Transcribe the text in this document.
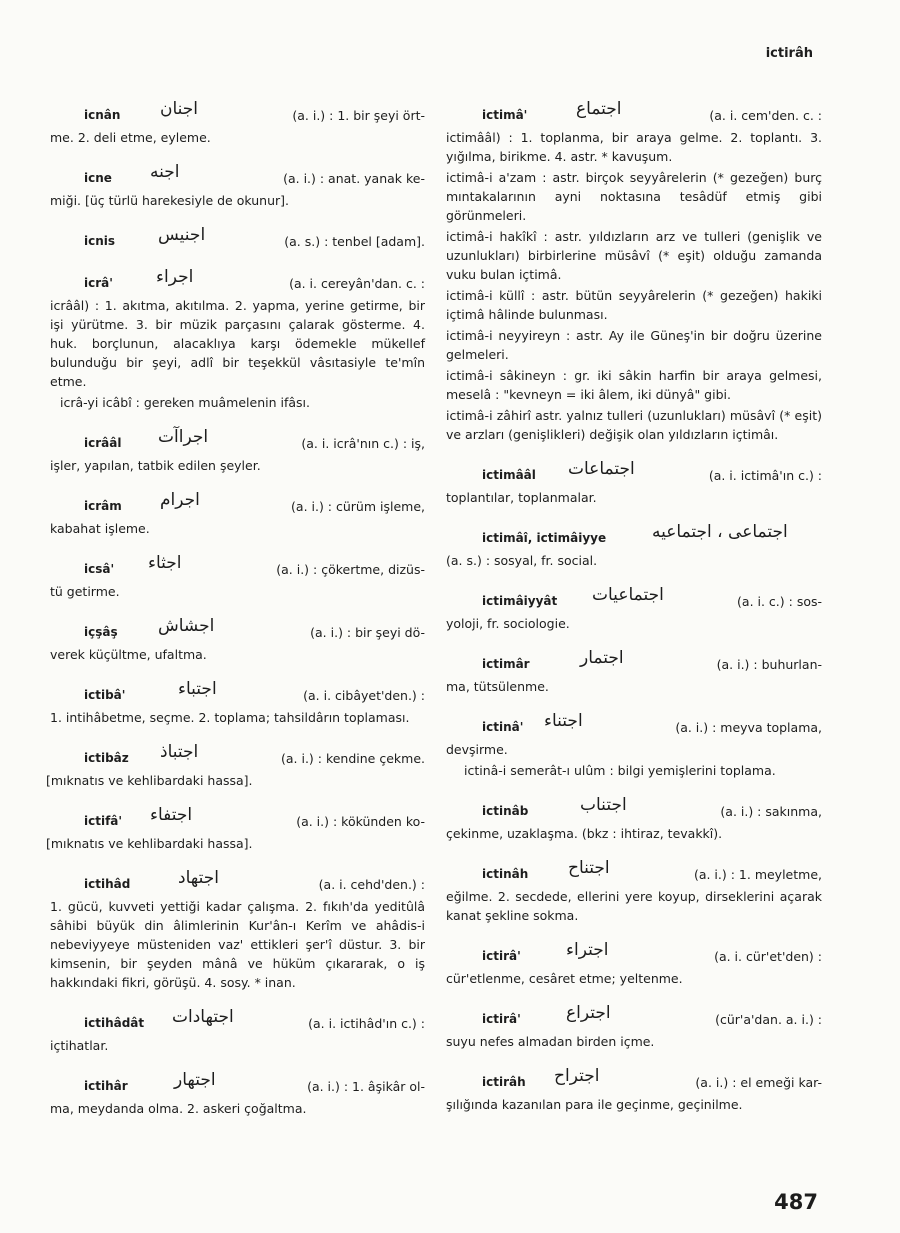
ictirâh
icnân اجنان	(a. i.) : 1. bir şeyi ört-
me. 2. deli etme, eyleme.
icne اجنه	(a. i.) : anat. yanak ke-
miği. [üç türlü harekesiyle de okunur].
icnis	اجنيس	(a. s.) : tenbel [adam].
icrâ'	اجراء	(a. i. cereyân'dan. c. :
icrââl) : 1. akıtma, akıtılma. 2. yapma, yerine getirme, bir işi yürütme. 3. bir müzik parçasını çalarak gösterme. 4. huk. borçlunun, alacaklıya karşı ödemekle mükellef bulunduğu bir şeyi, adlî bir teşekkül vâsıtasiyle te'mîn etme.
icrâ-yi icâbî : gereken muâmelenin ifâsı.
icrââl اجراآت	(a. i. icrâ'nın c.) : iş,
işler, yapılan, tatbik edilen şeyler.
icrâm اجرام	(a. i.) : cürüm işleme,
kabahat işleme.
icsâ' اجثاء	(a. i.) : çökertme, dizüs-
tü getirme.
içşâş اجشاش	(a. i.) : bir şeyi dö-
verek küçültme, ufaltma.
ictibâ'	اجتباء	(a. i. cibâyet'den.) :
1. intihâbetme, seçme. 2. toplama; tahsildârın toplaması.
ictibâz اجتباذ	(a. i.) : kendine çekme.
[mıknatıs ve kehlibardaki hassa].
ictifâ' اجتفاء	(a. i.) : kökünden ko-
[mıknatıs ve kehlibardaki hassa].
ictihâd	اجتهاد	(a. i. cehd'den.) :
1. gücü, kuvveti yettiği kadar çalışma. 2. fıkıh'da yeditûlâ sâhibi büyük din âlimlerinin Kur'ân-ı Kerîm ve ahâdis-i nebeviyyeye müsteniden vaz' ettikleri şer'î düstur. 3. bir kimsenin, bir şeyden mânâ ve hüküm çıkararak, o iş hakkındaki fikri, görüşü. 4. sosy. * inan.
ictihâdât اجتهادات	(a. i. ictihâd'ın c.) :
içtihatlar.
ictihâr	اجتهار	(a. i.) : 1. âşikâr ol-
ma, meydanda olma. 2. askeri çoğaltma.
ictimâ'	اجتماع	(a. i. cem'den. c. :
ictimââl) : 1. toplanma, bir araya gelme. 2. toplantı. 3. yığılma, birikme. 4. astr. * kavuşum.
ictimâ-i a'zam : astr. birçok seyyârelerin (* gezeğen) burç mıntakalarının ayni noktasına tesâdüf etmiş gibi görünmeleri.
ictimâ-i hakîkî : astr. yıldızların arz ve tulleri (genişlik ve uzunlukları) birbirlerine müsâvî (* eşit) olduğu zamanda vuku bulan içtimâ.
ictimâ-i küllî : astr. bütün seyyârelerin (* gezeğen) hakiki içtimâ hâlinde bulunması.
ictimâ-i neyyireyn : astr. Ay ile Güneş'in bir doğru üzerine gelmeleri.
ictimâ-i sâkineyn : gr. iki sâkin harfin bir araya gelmesi, meselâ : "kevneyn = iki âlem, iki dünyâ" gibi.
ictimâ-i zâhirî astr. yalnız tulleri (uzunlukları) müsâvî (* eşit) ve arzları (genişlikleri) değişik olan yıldızların içtimâı.
ictimââl اجتماعات	(a. i. ictimâ'ın c.) :
toplantılar, toplanmalar.
ictimâî, ictimâiyye	اجتماعى ، اجتماعيه
(a. s.) : sosyal, fr. social.
ictimâiyyât اجتماعيات	(a. i. c.) : sos-
yoloji, fr. sociologie.
ictimâr	اجتمار	(a. i.) : buhurlan-
ma, tütsülenme.
ictinâ' اجتناء	(a. i.) : meyva toplama,
devşirme.
ictinâ-i semerât-ı ulûm : bilgi yemişlerini toplama.
ictinâb	اجتناب	(a. i.) : sakınma,
çekinme, uzaklaşma. (bkz : ihtiraz, tevakkî).
ictinâh اجتناح	(a. i.) : 1. meyletme,
eğilme. 2. secdede, ellerini yere koyup, dirseklerini açarak kanat şekline sokma.
ictirâ'	اجتراء	(a. i. cür'et'den) :
cür'etlenme, cesâret etme; yeltenme.
ictirâ'	اجتراع	(cür'a'dan. a. i.) :
suyu nefes almadan birden içme.
ictirâh اجتراح	(a. i.) : el emeği kar-
şılığında kazanılan para ile geçinme, geçinilme.
487
